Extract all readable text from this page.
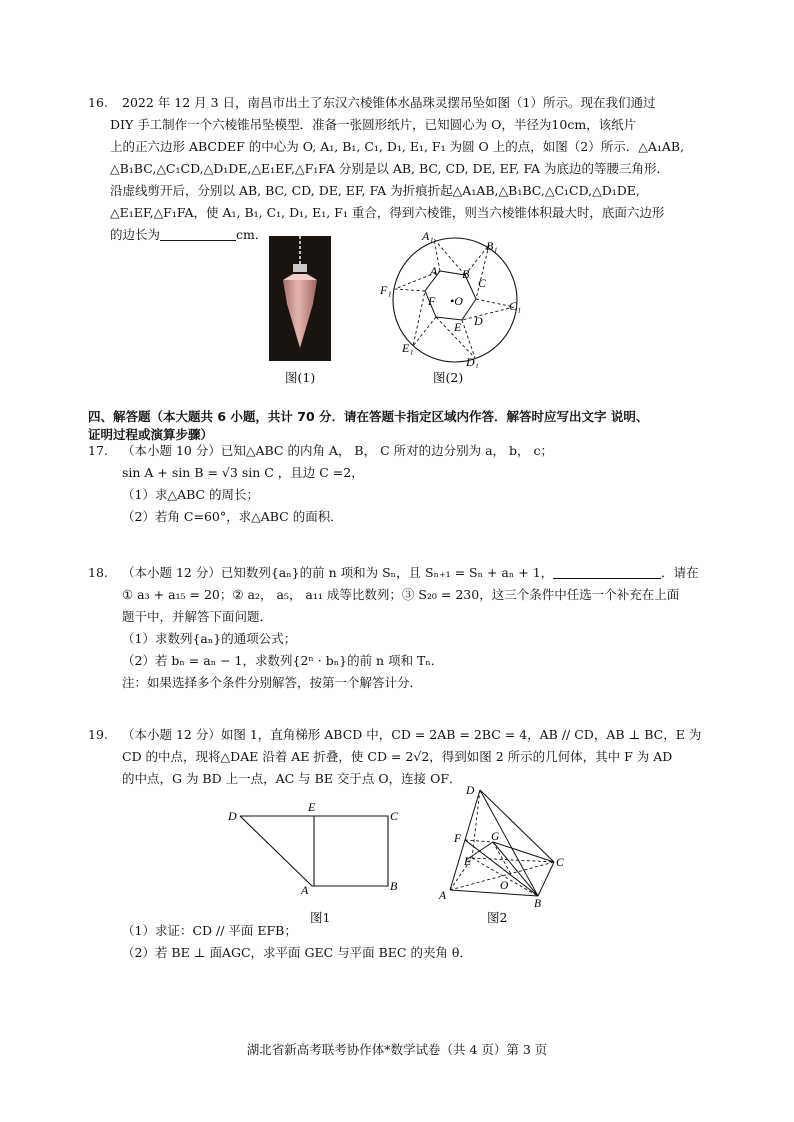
16. 2022 年 12 月 3 日，南昌市出土了东汉六棱锥体水晶珠灵摆吊坠如图（1）所示。现在我们通过

DIY 手工制作一个六棱锥吊坠模型．准备一张圆形纸片，已知圆心为 O，半径为10cm，该纸片

上的正六边形 ABCDEF 的中心为 O, A₁, B₁, C₁, D₁, E₁, F₁ 为圆 O 上的点，如图（2）所示．△A₁AB,

△B₁BC,△C₁CD,△D₁DE,△E₁EF,△F₁FA 分别是以 AB, BC, CD, DE, EF, FA 为底边的等腰三角形．

沿虚线剪开后，分别以 AB, BC, CD, DE, EF, FA 为折痕折起△A₁AB,△B₁BC,△C₁CD,△D₁DE,

△E₁EF,△F₁FA，使 A₁, B₁, C₁, D₁, E₁, F₁ 重合，得到六棱锥，则当六棱锥体积最大时，底面六边形

的边长为	cm．

图(1)
A₁
B₁
C₁
D₁
E₁
F₁
A B
C
D
E
F •O
图(2)

四、解答题（本大题共 6 小题，共计 70 分．请在答题卡指定区域内作答．解答时应写出文字 说明、

证明过程或演算步骤）

17. （本小题 10 分）已知△ABC 的内角 A， B， C 所对的边分别为 a， b， c；

sin A + sin B = √3 sin C ，且边 C =2，

（1）求△ABC 的周长；

（2）若角 C=60°，求△ABC 的面积．

18. （本小题 12 分）已知数列{aₙ}的前 n 项和为 Sₙ，且 Sₙ₊₁ = Sₙ + aₙ + 1，	．请在

① a₃ + a₁₅ = 20；② a₂， a₅， a₁₁ 成等比数列；③ S₂₀ = 230，这三个条件中任选一个补充在上面

题干中，并解答下面问题．

（1）求数列{aₙ}的通项公式；

（2）若 bₙ = aₙ − 1，求数列{2ⁿ · bₙ}的前 n 项和 Tₙ．

注：如果选择多个条件分别解答，按第一个解答计分．

19. （本小题 12 分）如图 1，直角梯形 ABCD 中，CD = 2AB = 2BC = 4，AB // CD，AB ⊥ BC，E 为

CD 的中点，现将△DAE 沿着 AE 折叠，使 CD = 2√2，得到如图 2 所示的几何体，其中 F 为 AD

的中点，G 为 BD 上一点，AC 与 BE 交于点 O，连接 OF．

D
E
C
A	B
图1
D
F	G
E	C
O
A
B
图2

（1）求证：CD // 平面 EFB；

（2）若 BE ⊥ 面AGC，求平面 GEC 与平面 BEC 的夹角 θ．

湖北省新高考联考协作体*数学试卷（共 4 页）第 3 页
